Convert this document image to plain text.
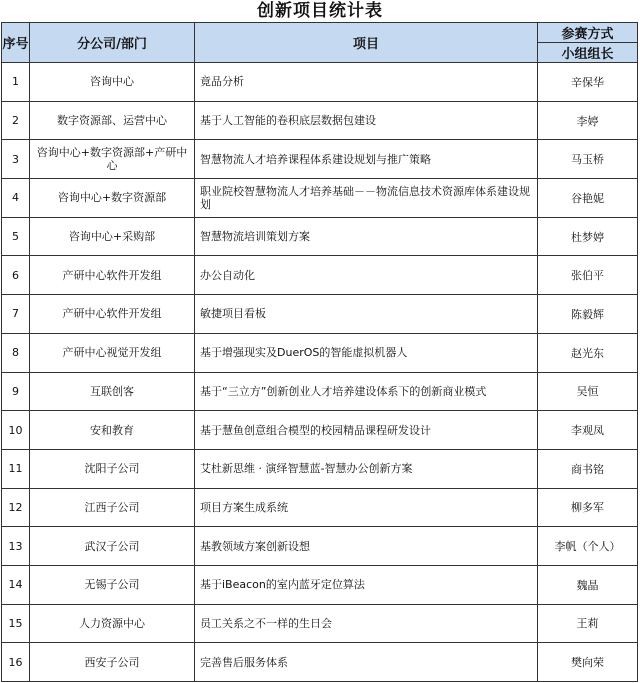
创新项目统计表
序号	分公司/部门	项目	参赛方式
			小组组长
1	咨询中心	竟品分析	辛保华
2	数字资源部、运营中心	基于人工智能的卷积底层数据包建设	李婷
3	咨询中心+数字资源部+产研中心	智慧物流人才培养课程体系建设规划与推广策略	马玉桥
4	咨询中心+数字资源部	职业院校智慧物流人才培养基础－－物流信息技术资源库体系建设规划	谷艳妮
5	咨询中心+采购部	智慧物流培训策划方案	杜梦婷
6	产研中心软件开发组	办公自动化	张伯平
7	产研中心软件开发组	敏捷项目看板	陈毅辉
8	产研中心视觉开发组	基于增强现实及DuerOS的智能虚拟机器人	赵光东
9	互联创客	基于“三立方”创新创业人才培养建设体系下的创新商业模式	吴恒
10	安和教育	基于慧鱼创意组合模型的校园精品课程研发设计	李观凤
11	沈阳子公司	艾杜新思维 · 演绎智慧蓝-智慧办公创新方案	商书铭
12	江西子公司	项目方案生成系统	柳多军
13	武汉子公司	基教领域方案创新设想	李帆（个人）
14	无锡子公司	基于iBeacon的室内蓝牙定位算法	魏晶
15	人力资源中心	员工关系之不一样的生日会	王莉
16	西安子公司	完善售后服务体系	樊向荣
